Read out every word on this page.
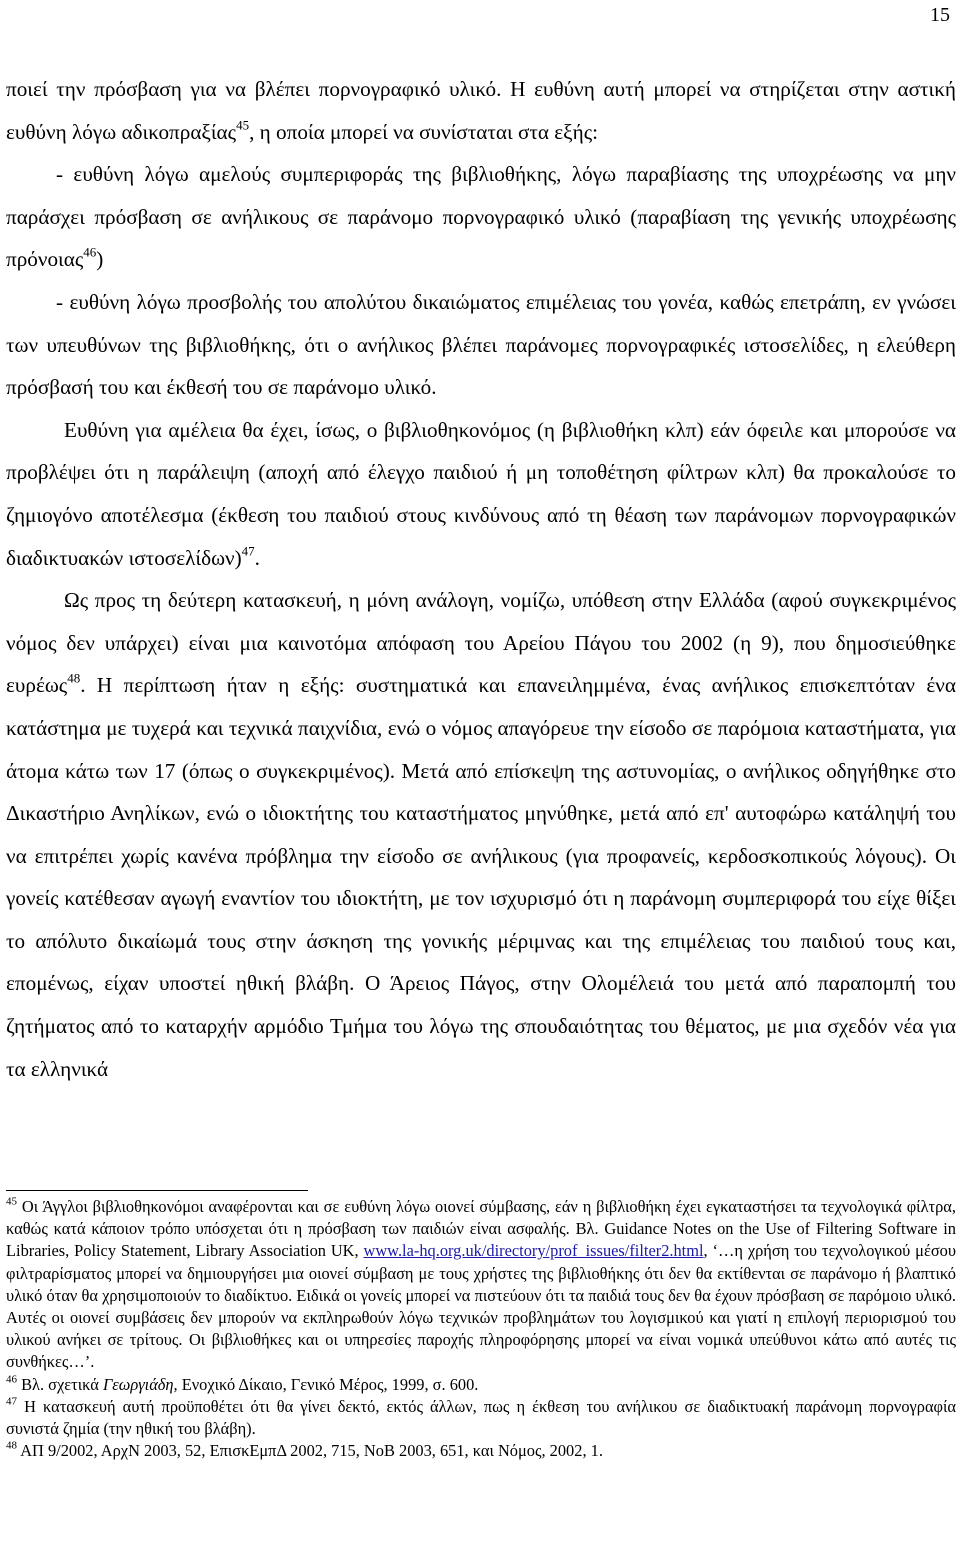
15

ποιεί την πρόσβαση για να βλέπει πορνογραφικό υλικό. Η ευθύνη αυτή μπορεί να στηρίζεται στην αστική ευθύνη λόγω αδικοπραξίας$^{45}$, η οποία μπορεί να συνίσταται στα εξής:

- ευθύνη λόγω αμελούς συμπεριφοράς της βιβλιοθήκης, λόγω παραβίασης της υποχρέωσης να μην παράσχει πρόσβαση σε ανήλικους σε παράνομο πορνογραφικό υλικό (παραβίαση της γενικής υποχρέωσης πρόνοιας$^{46}$)

- ευθύνη λόγω προσβολής του απολύτου δικαιώματος επιμέλειας του γονέα, καθώς επετράπη, εν γνώσει των υπευθύνων της βιβλιοθήκης, ότι ο ανήλικος βλέπει παράνομες πορνογραφικές ιστοσελίδες, η ελεύθερη πρόσβασή του και έκθεσή του σε παράνομο υλικό.

Ευθύνη για αμέλεια θα έχει, ίσως, ο βιβλιοθηκονόμος (η βιβλιοθήκη κλπ) εάν όφειλε και μπορούσε να προβλέψει ότι η παράλειψη (αποχή από έλεγχο παιδιού ή μη τοποθέτηση φίλτρων κλπ) θα προκαλούσε το ζημιογόνο αποτέλεσμα (έκθεση του παιδιού στους κινδύνους από τη θέαση των παράνομων πορνογραφικών διαδικτυακών ιστοσελίδων)$^{47}$.

Ως προς τη δεύτερη κατασκευή, η μόνη ανάλογη, νομίζω, υπόθεση στην Ελλάδα (αφού συγκεκριμένος νόμος δεν υπάρχει) είναι μια καινοτόμα απόφαση του Αρείου Πάγου του 2002 (η 9), που δημοσιεύθηκε ευρέως$^{48}$. Η περίπτωση ήταν η εξής: συστηματικά και επανειλημμένα, ένας ανήλικος επισκεπτόταν ένα κατάστημα με τυχερά και τεχνικά παιχνίδια, ενώ ο νόμος απαγόρευε την είσοδο σε παρόμοια καταστήματα, για άτομα κάτω των 17 (όπως ο συγκεκριμένος). Μετά από επίσκεψη της αστυνομίας, ο ανήλικος οδηγήθηκε στο Δικαστήριο Ανηλίκων, ενώ ο ιδιοκτήτης του καταστήματος μηνύθηκε, μετά από επ' αυτοφώρω κατάληψή του να επιτρέπει χωρίς κανένα πρόβλημα την είσοδο σε ανήλικους (για προφανείς, κερδοσκοπικούς λόγους). Οι γονείς κατέθεσαν αγωγή εναντίον του ιδιοκτήτη, με τον ισχυρισμό ότι η παράνομη συμπεριφορά του είχε θίξει το απόλυτο δικαίωμά τους στην άσκηση της γονικής μέριμνας και της επιμέλειας του παιδιού τους και, επομένως, είχαν υποστεί ηθική βλάβη. Ο Άρειος Πάγος, στην Ολομέλειά του μετά από παραπομπή του ζητήματος από το καταρχήν αρμόδιο Τμήμα του λόγω της σπουδαιότητας του θέματος, με μια σχεδόν νέα για τα ελληνικά

$^{45}$ Οι Άγγλοι βιβλιοθηκονόμοι αναφέρονται και σε ευθύνη λόγω οιονεί σύμβασης, εάν η βιβλιοθήκη έχει εγκαταστήσει τα τεχνολογικά φίλτρα, καθώς κατά κάποιον τρόπο υπόσχεται ότι η πρόσβαση των παιδιών είναι ασφαλής. Βλ. Guidance Notes on the Use of Filtering Software in Libraries, Policy Statement, Library Association UK, www.la-hq.org.uk/directory/prof_issues/filter2.html, ‘…η χρήση του τεχνολογικού μέσου φιλτραρίσματος μπορεί να δημιουργήσει μια οιονεί σύμβαση με τους χρήστες της βιβλιοθήκης ότι δεν θα εκτίθενται σε παράνομο ή βλαπτικό υλικό όταν θα χρησιμοποιούν το διαδίκτυο. Ειδικά οι γονείς μπορεί να πιστεύουν ότι τα παιδιά τους δεν θα έχουν πρόσβαση σε παρόμοιο υλικό. Αυτές οι οιονεί συμβάσεις δεν μπορούν να εκπληρωθούν λόγω τεχνικών προβλημάτων του λογισμικού και γιατί η επιλογή περιορισμού του υλικού ανήκει σε τρίτους. Οι βιβλιοθήκες και οι υπηρεσίες παροχής πληροφόρησης μπορεί να είναι νομικά υπεύθυνοι κάτω από αυτές τις συνθήκες…’.

$^{46}$ Βλ. σχετικά Γεωργιάδη, Ενοχικό Δίκαιο, Γενικό Μέρος, 1999, σ. 600.

$^{47}$ Η κατασκευή αυτή προϋποθέτει ότι θα γίνει δεκτό, εκτός άλλων, πως η έκθεση του ανήλικου σε διαδικτυακή παράνομη πορνογραφία συνιστά ζημία (την ηθική του βλάβη).

$^{48}$ ΑΠ 9/2002, ΑρχΝ 2003, 52, ΕπισκΕμπΔ 2002, 715, ΝοΒ 2003, 651, και Νόμος, 2002, 1.
